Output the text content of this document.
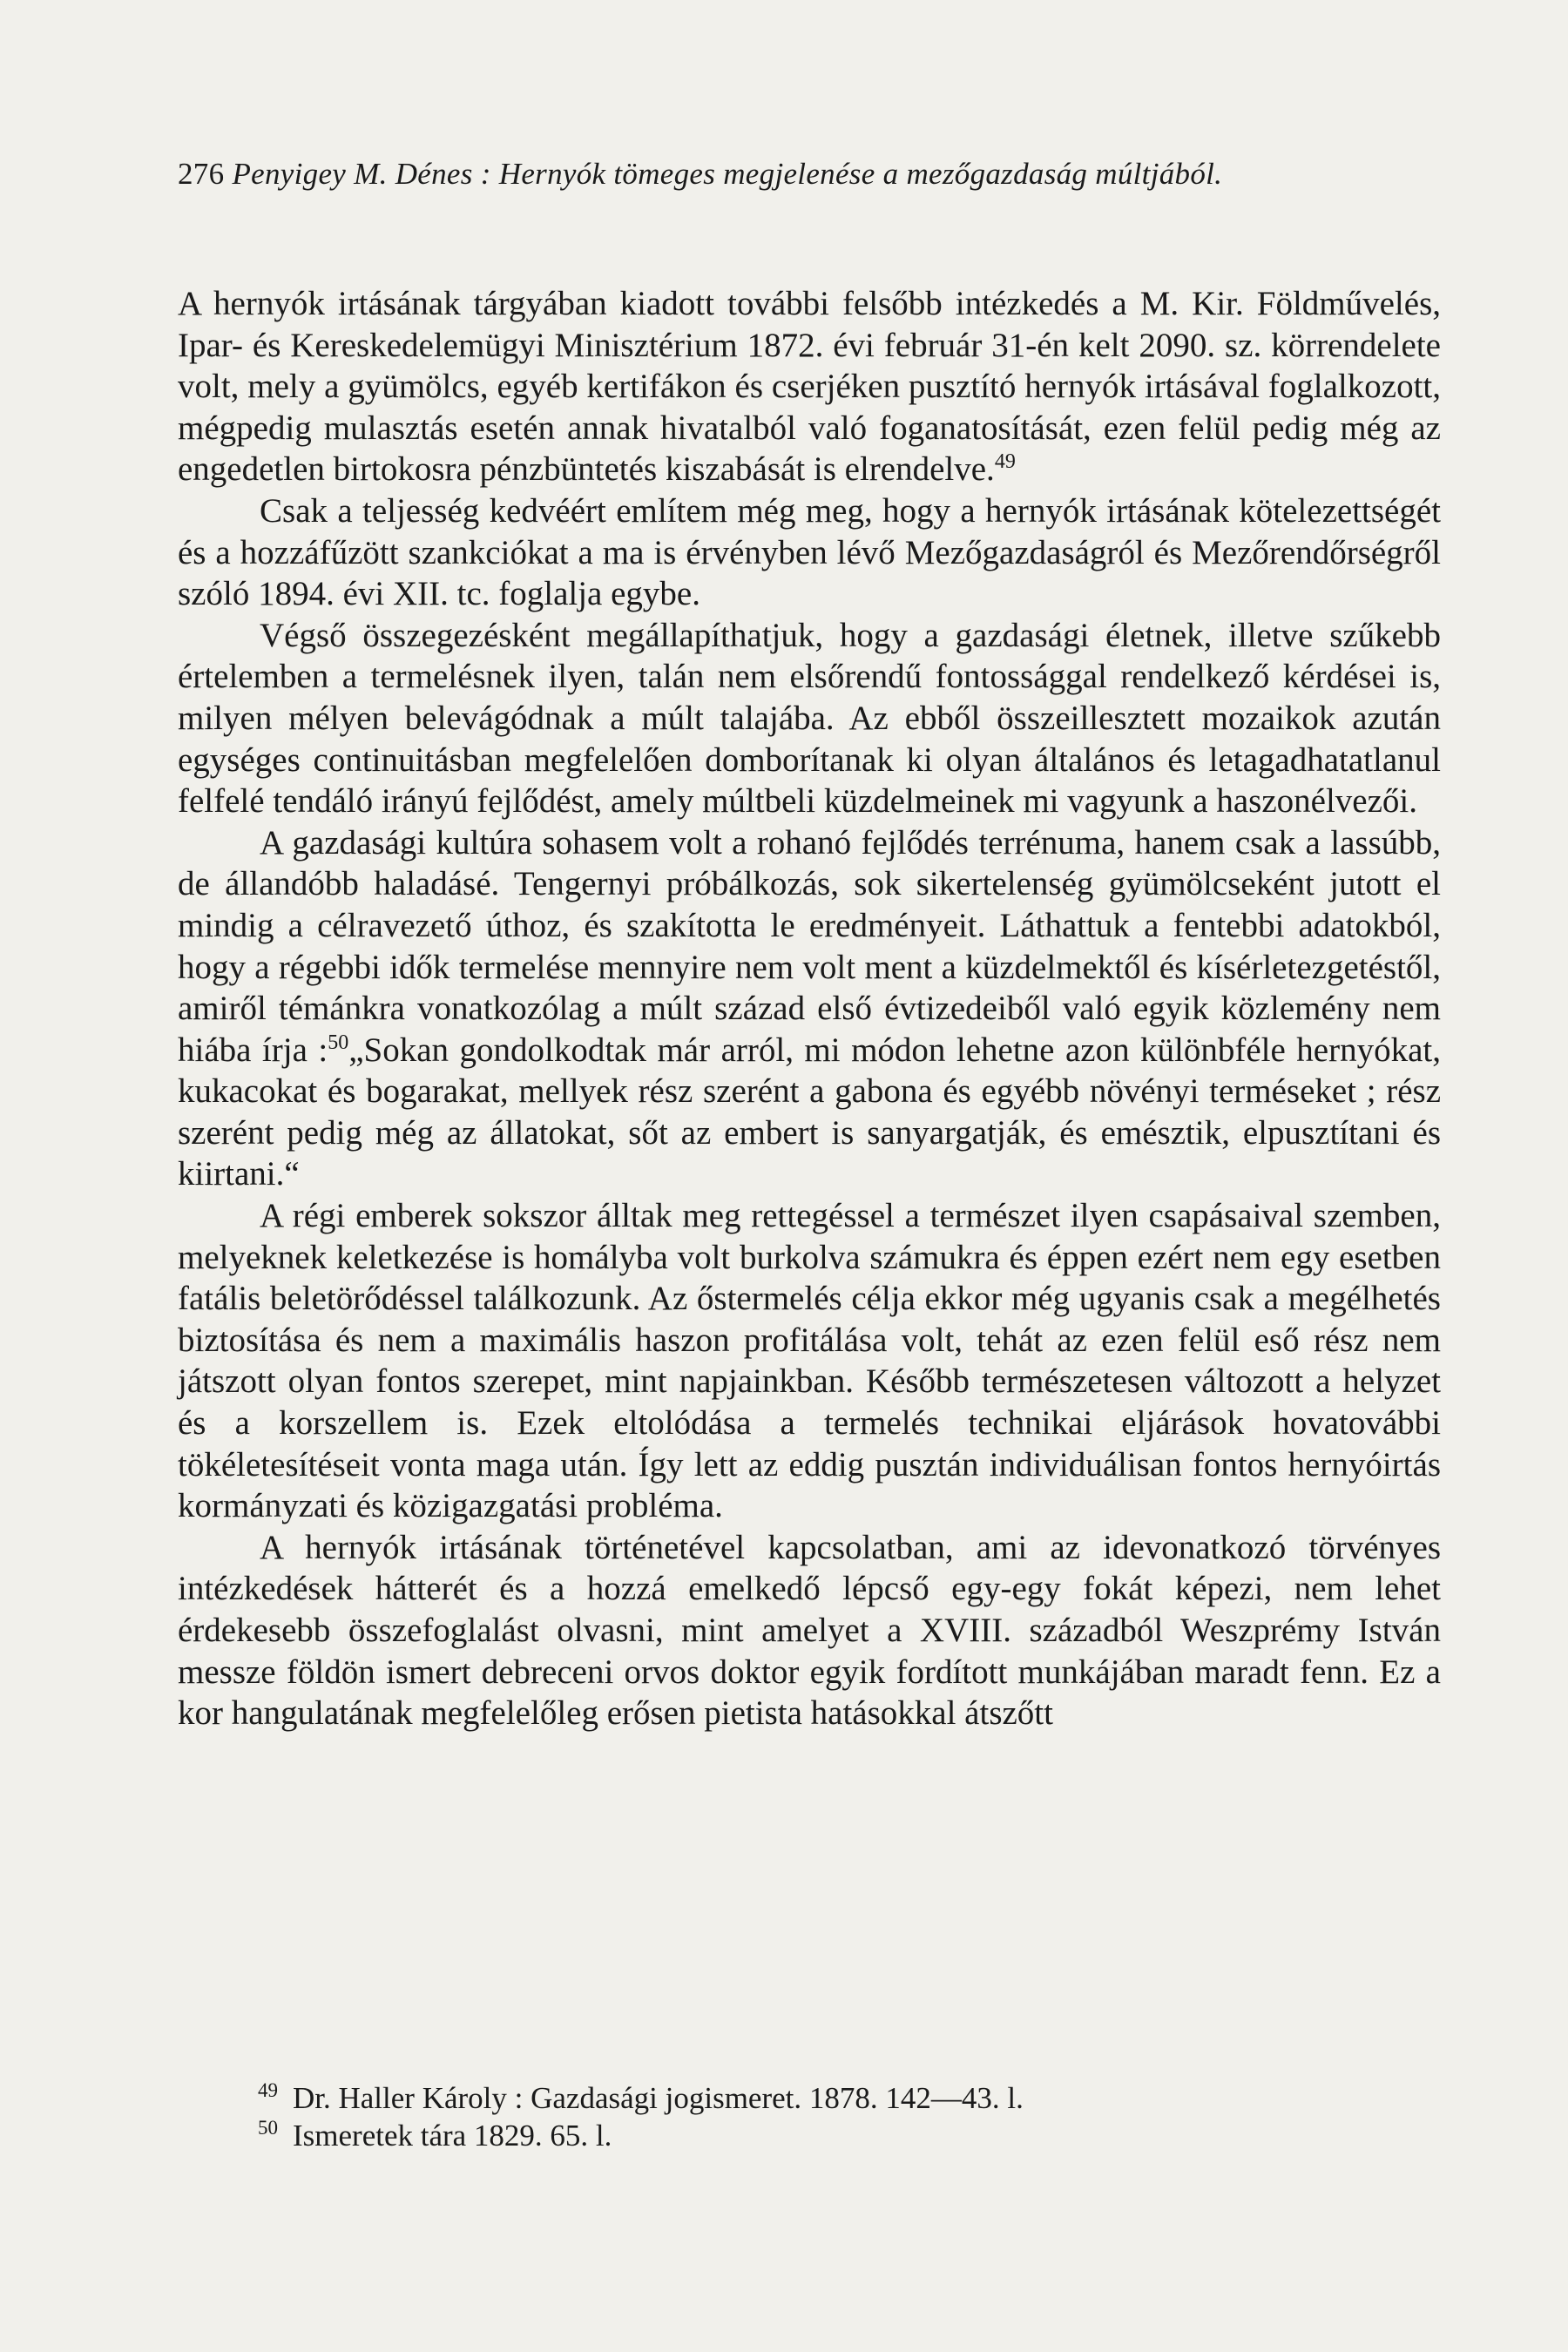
276 Penyigey M. Dénes : Hernyók tömeges megjelenése a mezőgazdaság múltjából.

A hernyók irtásának tárgyában kiadott további felsőbb intézkedés a M. Kir. Földművelés, Ipar- és Kereskedelemügyi Minisztérium 1872. évi február 31-én kelt 2090. sz. körrendelete volt, mely a gyümölcs, egyéb kertifákon és cserjéken pusztító hernyók irtásával foglalkozott, mégpedig mulasztás esetén annak hivatalból való foganatosítását, ezen felül pedig még az engedetlen birtokosra pénzbüntetés kiszabását is elrendelve.$^{49}$

Csak a teljesség kedvéért említem még meg, hogy a hernyók irtásának kötelezettségét és a hozzáfűzött szankciókat a ma is érvényben lévő Mezőgazdaságról és Mezőrendőrségről szóló 1894. évi XII. tc. foglalja egybe.

Végső összegezésként megállapíthatjuk, hogy a gazdasági életnek, illetve szűkebb értelemben a termelésnek ilyen, talán nem elsőrendű fontossággal rendelkező kérdései is, milyen mélyen belevágódnak a múlt talajába. Az ebből összeillesztett mozaikok azután egységes continuitásban megfelelően domborítanak ki olyan általános és letagadhatatlanul felfelé tendáló irányú fejlődést, amely múltbeli küzdelmeinek mi vagyunk a haszonélvezői.

A gazdasági kultúra sohasem volt a rohanó fejlődés terrénuma, hanem csak a lassúbb, de állandóbb haladásé. Tengernyi próbálkozás, sok sikertelenség gyümölcseként jutott el mindig a célravezető úthoz, és szakította le eredményeit. Láthattuk a fentebbi adatokból, hogy a régebbi idők termelése mennyire nem volt ment a küzdelmektől és kísérletezgetéstől, amiről témánkra vonatkozólag a múlt század első évtizedeiből való egyik közlemény nem hiába írja :$^{50}$„Sokan gondolkodtak már arról, mi módon lehetne azon különbféle hernyókat, kukacokat és bogarakat, mellyek rész szerént a gabona és egyébb növényi terméseket ; rész szerént pedig még az állatokat, sőt az embert is sanyargatják, és emésztik, elpusztítani és kiirtani.“

A régi emberek sokszor álltak meg rettegéssel a természet ilyen csapásaival szemben, melyeknek keletkezése is homályba volt burkolva számukra és éppen ezért nem egy esetben fatális beletörődéssel találkozunk. Az őstermelés célja ekkor még ugyanis csak a megélhetés biztosítása és nem a maximális haszon profitálása volt, tehát az ezen felül eső rész nem játszott olyan fontos szerepet, mint napjainkban. Később természetesen változott a helyzet és a korszellem is. Ezek eltolódása a termelés technikai eljárások hovatovábbi tökéletesítéseit vonta maga után. Így lett az eddig pusztán individuálisan fontos hernyóirtás kormányzati és közigazgatási probléma.

A hernyók irtásának történetével kapcsolatban, ami az idevonatkozó törvényes intézkedések hátterét és a hozzá emelkedő lépcső egy-egy fokát képezi, nem lehet érdekesebb összefoglalást olvasni, mint amelyet a XVIII. századból Weszprémy István messze földön ismert debreceni orvos doktor egyik fordított munkájában maradt fenn. Ez a kor hangulatának megfelelőleg erősen pietista hatásokkal átszőtt

49 Dr. Haller Károly : Gazdasági jogismeret. 1878. 142—43. l.
50 Ismeretek tára 1829. 65. l.
